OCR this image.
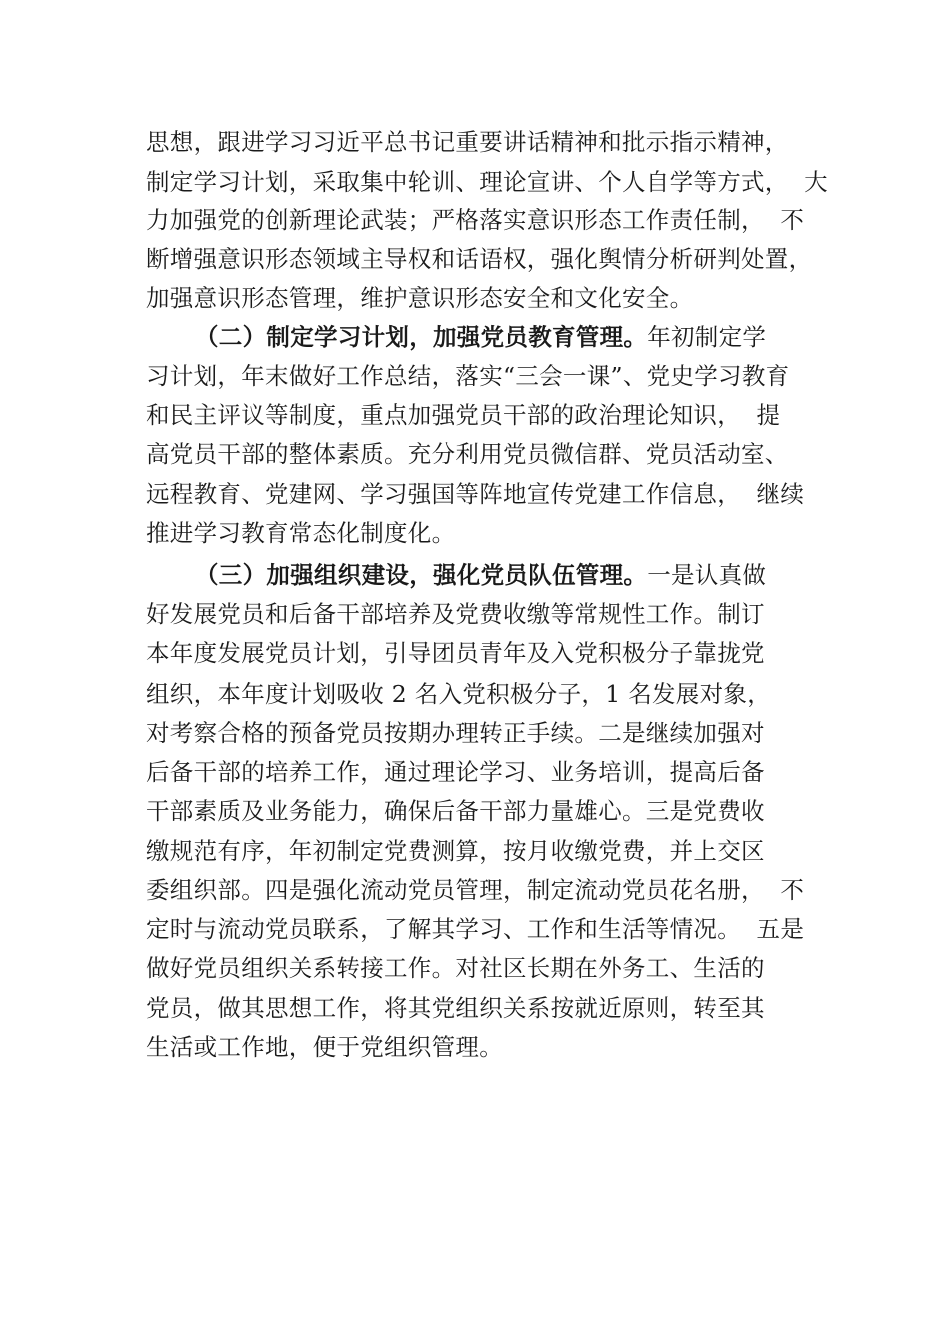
思想，跟进学习习近平总书记重要讲话精神和批示指示精神，
制定学习计划，采取集中轮训、理论宣讲、个人自学等方式，  大
力加强党的创新理论武装；严格落实意识形态工作责任制，  不
断增强意识形态领域主导权和话语权，强化舆情分析研判处置，
加强意识形态管理，维护意识形态安全和文化安全。
（二）制定学习计划，加强党员教育管理。年初制定学
习计划，年末做好工作总结，落实“三会一课”、党史学习教育
和民主评议等制度，重点加强党员干部的政治理论知识，  提
高党员干部的整体素质。充分利用党员微信群、党员活动室、
远程教育、党建网、学习强国等阵地宣传党建工作信息，  继续
推进学习教育常态化制度化。
（三）加强组织建设，强化党员队伍管理。一是认真做
好发展党员和后备干部培养及党费收缴等常规性工作。制订
本年度发展党员计划，引导团员青年及入党积极分子靠拢党
组织，本年度计划吸收 2 名入党积极分子，1 名发展对象，
对考察合格的预备党员按期办理转正手续。二是继续加强对
后备干部的培养工作，通过理论学习、业务培训，提高后备
干部素质及业务能力，确保后备干部力量雄心。三是党费收
缴规范有序，年初制定党费测算，按月收缴党费，并上交区
委组织部。四是强化流动党员管理，制定流动党员花名册，  不
定时与流动党员联系，了解其学习、工作和生活等情况。  五是
做好党员组织关系转接工作。对社区长期在外务工、生活的
党员，做其思想工作，将其党组织关系按就近原则，转至其
生活或工作地，便于党组织管理。
